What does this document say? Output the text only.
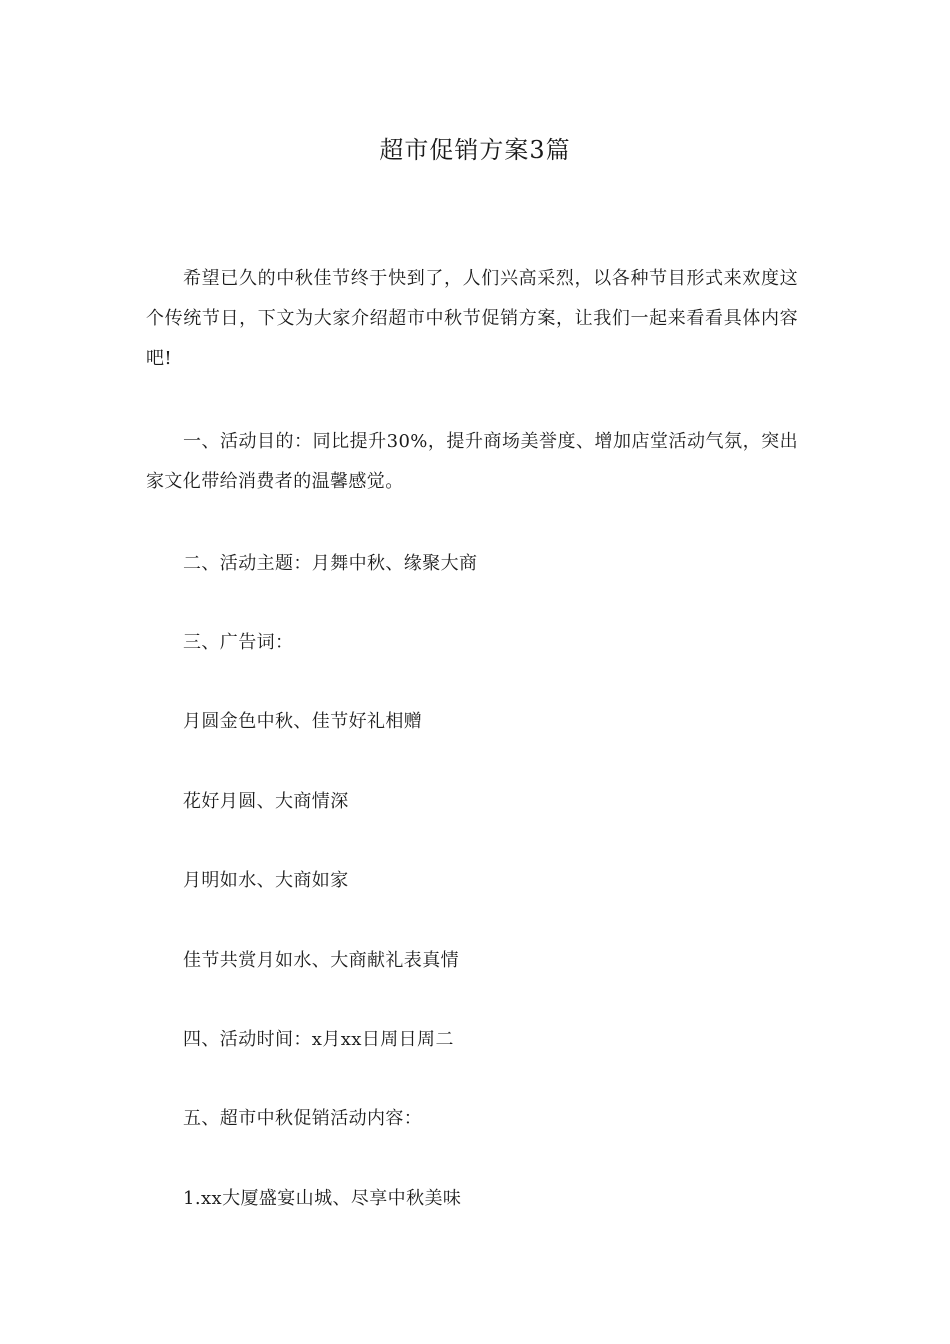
超市促销方案3篇

希望已久的中秋佳节终于快到了，人们兴高采烈，以各种节目形式来欢度这个传统节日，下文为大家介绍超市中秋节促销方案，让我们一起来看看具体内容吧!

一、活动目的：同比提升30%，提升商场美誉度、增加店堂活动气氛，突出家文化带给消费者的温馨感觉。

二、活动主题：月舞中秋、缘聚大商

三、广告词：

月圆金色中秋、佳节好礼相赠

花好月圆、大商情深

月明如水、大商如家

佳节共赏月如水、大商献礼表真情

四、活动时间：x月xx日周日周二

五、超市中秋促销活动内容：

1.xx大厦盛宴山城、尽享中秋美味
